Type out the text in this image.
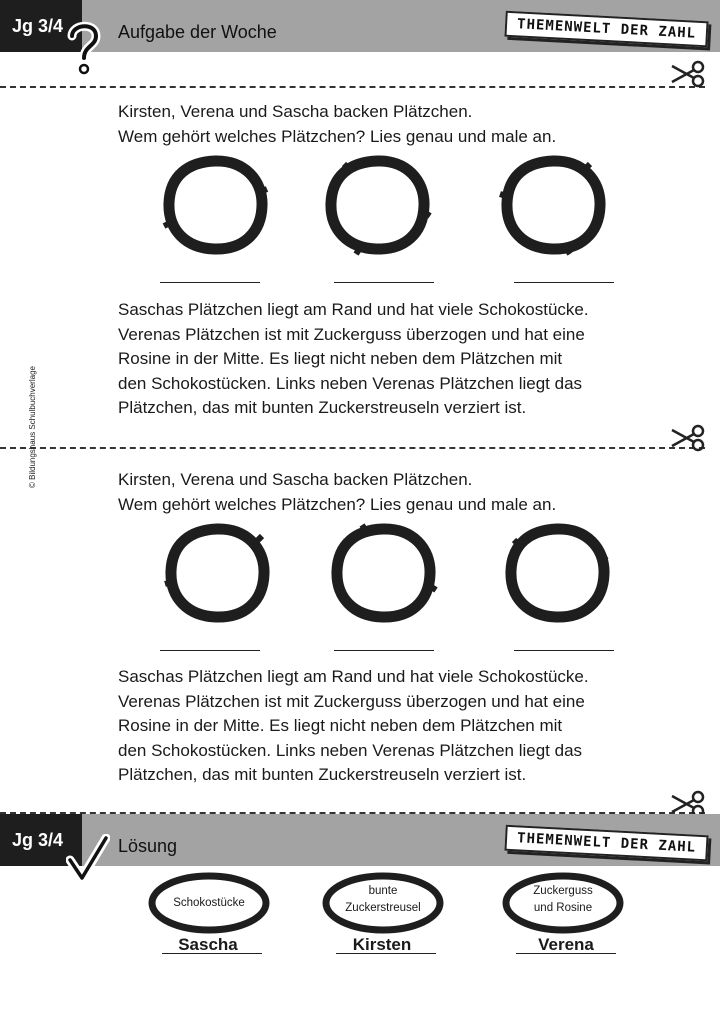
Jg 3/4	Aufgabe der Woche	THEMENWELT DER ZAHL
© Bildungshaus Schulbuchverlage
Kirsten, Verena und Sascha backen Plätzchen.
Wem gehört welches Plätzchen? Lies genau und male an.
Saschas Plätzchen liegt am Rand und hat viele Schokostücke.
Verenas Plätzchen ist mit Zuckerguss überzogen und hat eine
Rosine in der Mitte. Es liegt nicht neben dem Plätzchen mit
den Schokostücken. Links neben Verenas Plätzchen liegt das
Plätzchen, das mit bunten Zuckerstreuseln verziert ist.
Kirsten, Verena und Sascha backen Plätzchen.
Wem gehört welches Plätzchen? Lies genau und male an.
Saschas Plätzchen liegt am Rand und hat viele Schokostücke.
Verenas Plätzchen ist mit Zuckerguss überzogen und hat eine
Rosine in der Mitte. Es liegt nicht neben dem Plätzchen mit
den Schokostücken. Links neben Verenas Plätzchen liegt das
Plätzchen, das mit bunten Zuckerstreuseln verziert ist.
Jg 3/4	Lösung	THEMENWELT DER ZAHL
Schokostücke
Sascha
bunte
Zuckerstreusel
Kirsten
Zuckerguss
und Rosine
Verena
